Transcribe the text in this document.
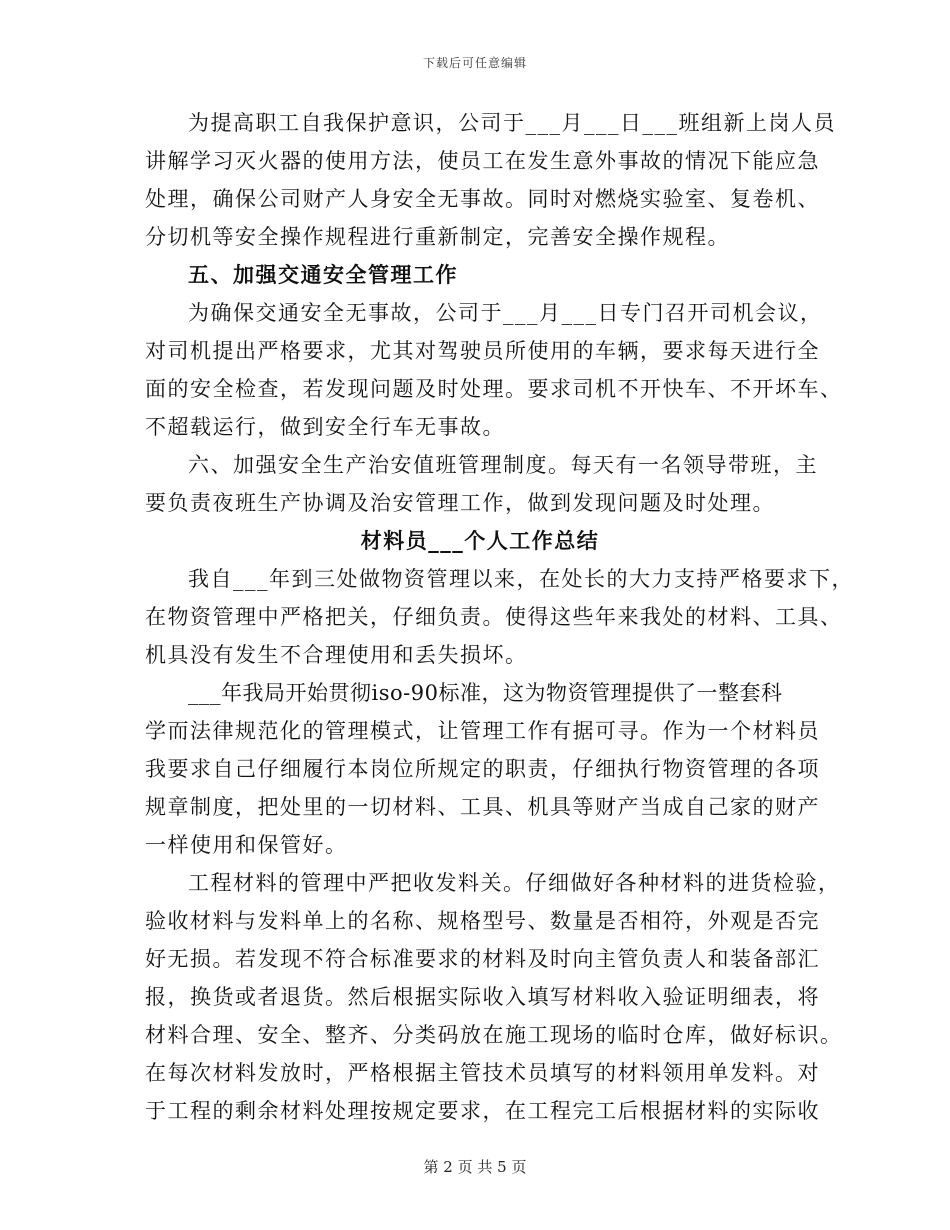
下载后可任意编辑
为提高职工自我保护意识，公司于___月___日___班组新上岗人员
讲解学习灭火器的使用方法，使员工在发生意外事故的情况下能应急
处理，确保公司财产人身安全无事故。同时对燃烧实验室、复卷机、
分切机等安全操作规程进行重新制定，完善安全操作规程。
五、加强交通安全管理工作
为确保交通安全无事故，公司于___月___日专门召开司机会议，
对司机提出严格要求，尤其对驾驶员所使用的车辆，要求每天进行全
面的安全检查，若发现问题及时处理。要求司机不开快车、不开坏车、
不超载运行，做到安全行车无事故。
六、加强安全生产治安值班管理制度。每天有一名领导带班，主
要负责夜班生产协调及治安管理工作，做到发现问题及时处理。
材料员___个人工作总结
我自___年到三处做物资管理以来，在处长的大力支持严格要求下，
在物资管理中严格把关，仔细负责。使得这些年来我处的材料、工具、
机具没有发生不合理使用和丢失损坏。
___年我局开始贯彻iso-90标准，这为物资管理提供了一整套科
学而法律规范化的管理模式，让管理工作有据可寻。作为一个材料员
我要求自己仔细履行本岗位所规定的职责，仔细执行物资管理的各项
规章制度，把处里的一切材料、工具、机具等财产当成自己家的财产
一样使用和保管好。
工程材料的管理中严把收发料关。仔细做好各种材料的进货检验，
验收材料与发料单上的名称、规格型号、数量是否相符，外观是否完
好无损。若发现不符合标准要求的材料及时向主管负责人和装备部汇
报，换货或者退货。然后根据实际收入填写材料收入验证明细表，将
材料合理、安全、整齐、分类码放在施工现场的临时仓库，做好标识。
在每次材料发放时，严格根据主管技术员填写的材料领用单发料。对
于工程的剩余材料处理按规定要求，在工程完工后根据材料的实际收
第 2 页 共 5 页
